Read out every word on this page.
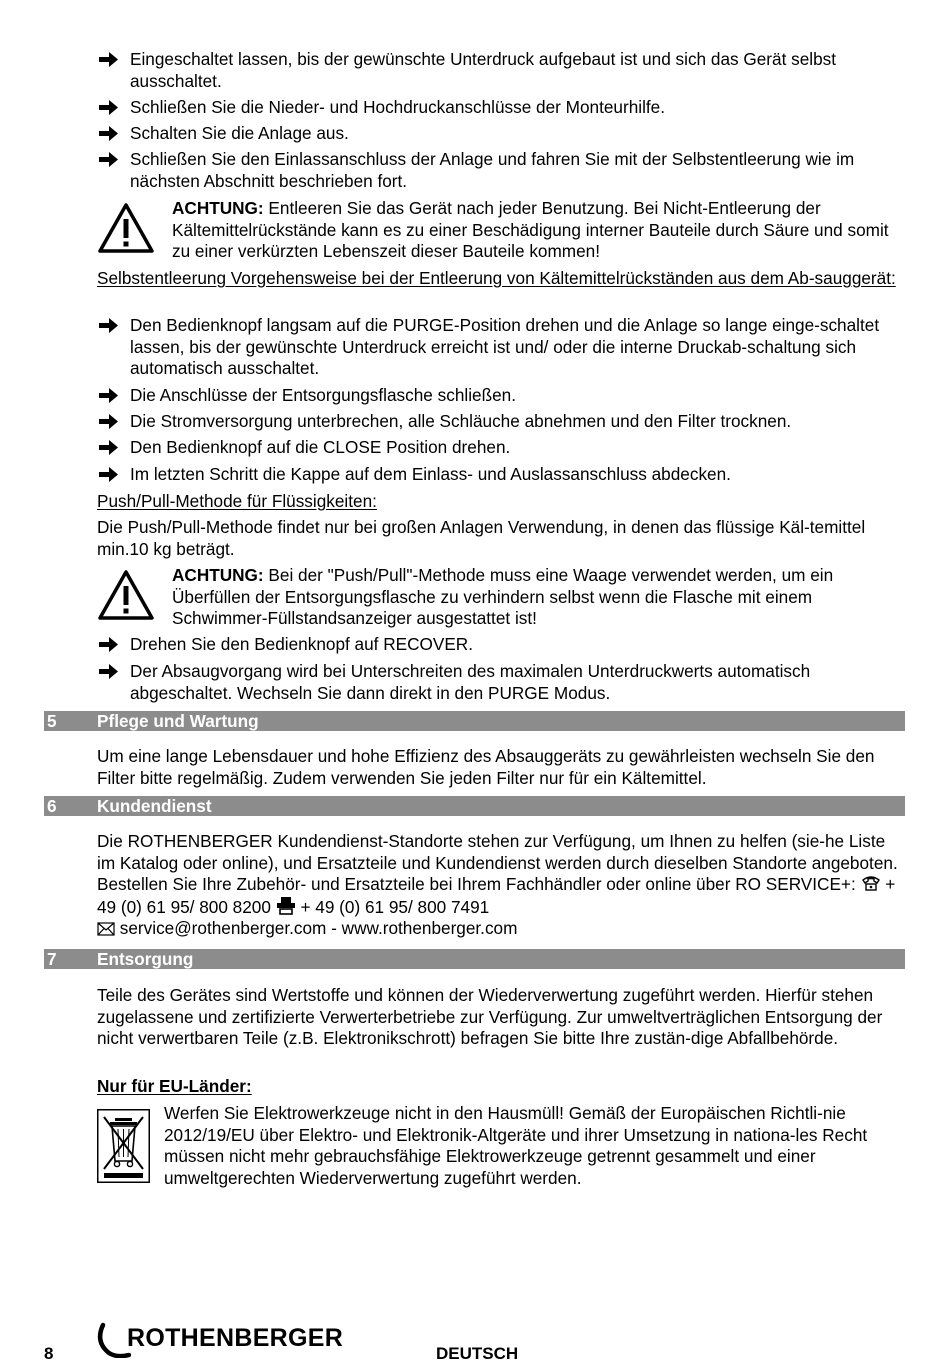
Eingeschaltet lassen, bis der gewünschte Unterdruck aufgebaut ist und sich das Gerät selbst ausschaltet.
Schließen Sie die Nieder- und Hochdruckanschlüsse der Monteurhilfe.
Schalten Sie die Anlage aus.
Schließen Sie den Einlassanschluss der Anlage und fahren Sie mit der Selbstentleerung wie im nächsten Abschnitt beschrieben fort.
ACHTUNG: Entleeren Sie das Gerät nach jeder Benutzung. Bei Nicht-Entleerung der Kältemittelrückstände kann es zu einer Beschädigung interner Bauteile durch Säure und somit zu einer verkürzten Lebenszeit dieser Bauteile kommen!
Selbstentleerung Vorgehensweise bei der Entleerung von Kältemittelrückständen aus dem Ab-sauggerät:
Den Bedienknopf langsam auf die PURGE-Position drehen und die Anlage so lange einge-schaltet lassen, bis der gewünschte Unterdruck erreicht ist und/ oder die interne Druckab-schaltung sich automatisch ausschaltet.
Die Anschlüsse der Entsorgungsflasche schließen.
Die Stromversorgung unterbrechen, alle Schläuche abnehmen und den Filter trocknen.
Den Bedienknopf auf die CLOSE Position drehen.
Im letzten Schritt die Kappe auf dem Einlass- und Auslassanschluss abdecken.
Push/Pull-Methode für Flüssigkeiten:
Die Push/Pull-Methode findet nur bei großen Anlagen Verwendung, in denen das flüssige Käl-temittel min.10 kg beträgt.
ACHTUNG: Bei der "Push/Pull"-Methode muss eine Waage verwendet werden, um ein Überfüllen der Entsorgungsflasche zu verhindern selbst wenn die Flasche mit einem Schwimmer-Füllstandsanzeiger ausgestattet ist!
Drehen Sie den Bedienknopf auf RECOVER.
Der Absaugvorgang wird bei Unterschreiten des maximalen Unterdruckwerts automatisch abgeschaltet. Wechseln Sie dann direkt in den PURGE Modus.
5 Pflege und Wartung
Um eine lange Lebensdauer und hohe Effizienz des Absauggeräts zu gewährleisten wechseln Sie den Filter bitte regelmäßig. Zudem verwenden Sie jeden Filter nur für ein Kältemittel.
6 Kundendienst
Die ROTHENBERGER Kundendienst-Standorte stehen zur Verfügung, um Ihnen zu helfen (sie-he Liste im Katalog oder online), und Ersatzteile und Kundendienst werden durch dieselben Standorte angeboten. Bestellen Sie Ihre Zubehör- und Ersatzteile bei Ihrem Fachhändler oder online über RO SERVICE+:  + 49 (0) 61 95/ 800 8200  + 49 (0) 61 95/ 800 7491
service@rothenberger.com - www.rothenberger.com
7 Entsorgung
Teile des Gerätes sind Wertstoffe und können der Wiederverwertung zugeführt werden. Hierfür stehen zugelassene und zertifizierte Verwerterbetriebe zur Verfügung. Zur umweltverträglichen Entsorgung der nicht verwertbaren Teile (z.B. Elektronikschrott) befragen Sie bitte Ihre zustän-dige Abfallbehörde.
Nur für EU-Länder:
Werfen Sie Elektrowerkzeuge nicht in den Hausmüll! Gemäß der Europäischen Richtli-nie 2012/19/EU über Elektro- und Elektronik-Altgeräte und ihrer Umsetzung in nationa-les Recht müssen nicht mehr gebrauchsfähige Elektrowerkzeuge getrennt gesammelt und einer umweltgerechten Wiederverwertung zugeführt werden.
8
ROTHENBERGER
DEUTSCH
